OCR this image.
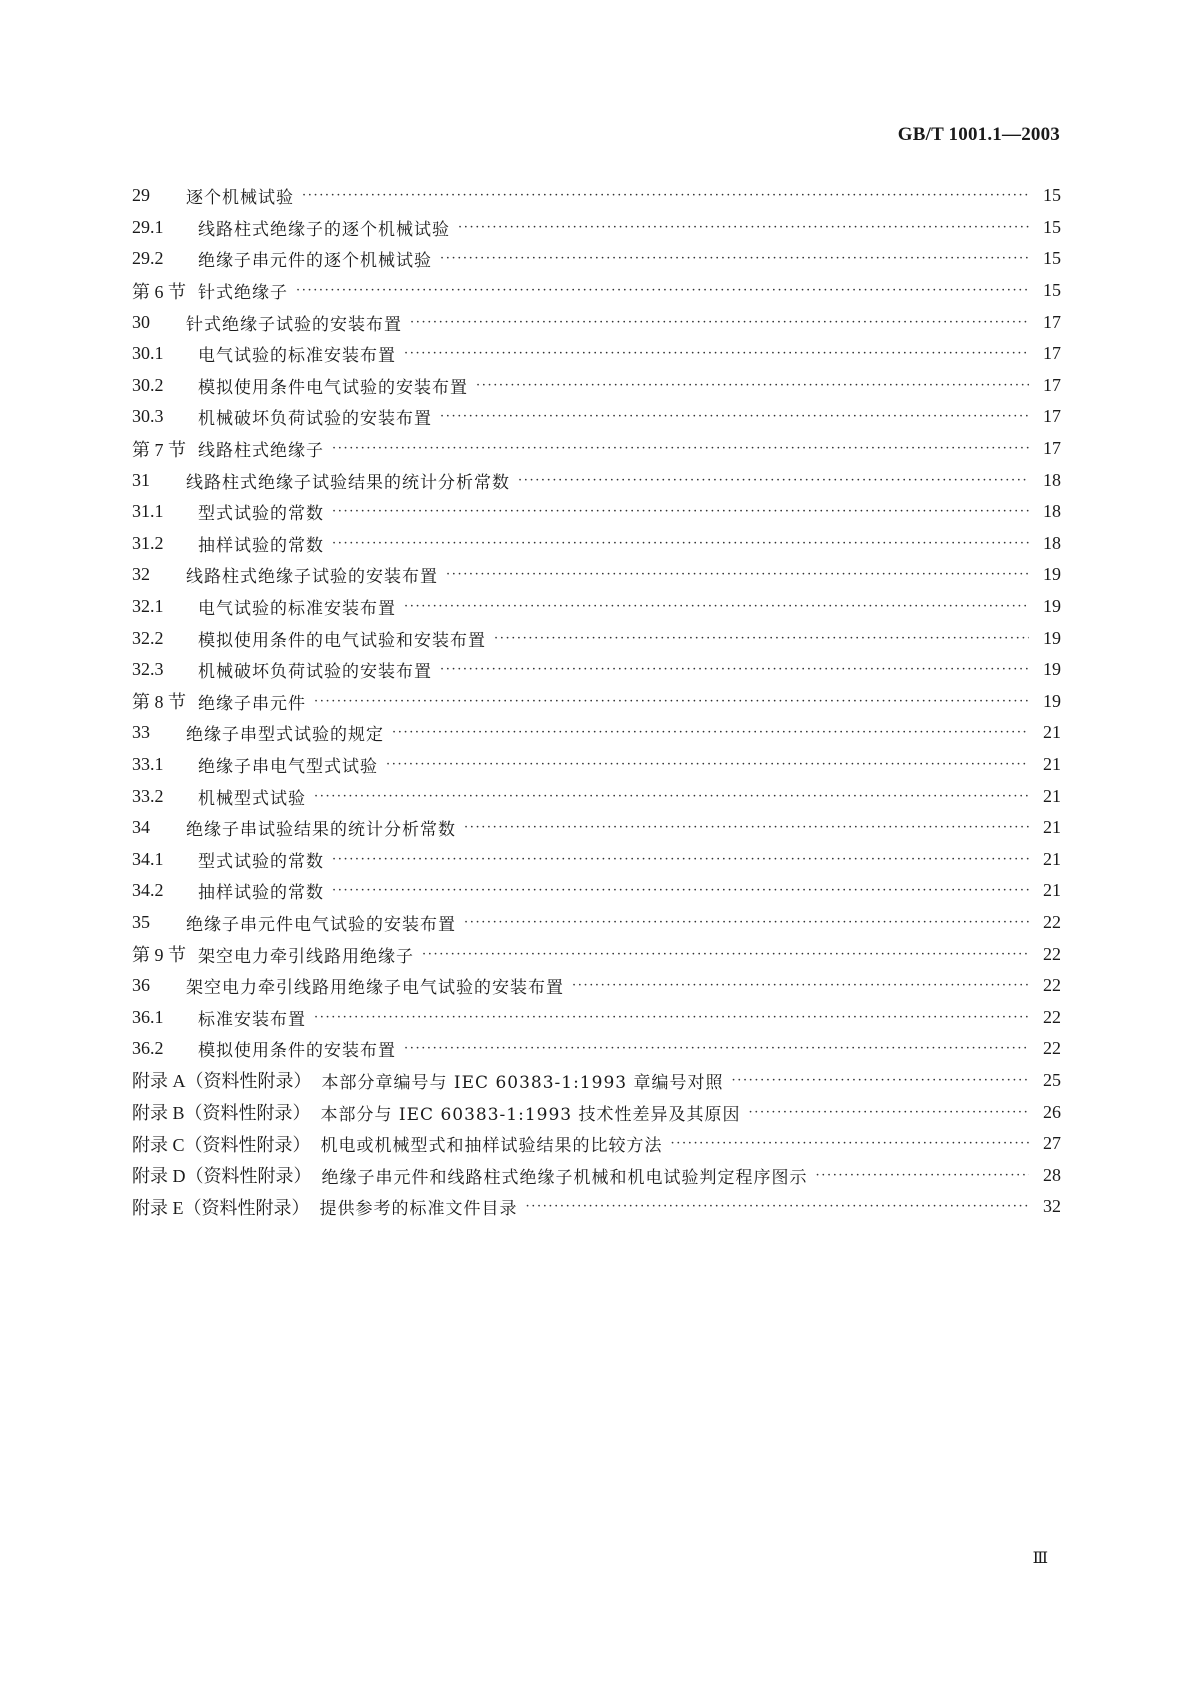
GB/T 1001.1—2003
29	逐个机械试验 ·····	15
29.1	线路柱式绝缘子的逐个机械试验 ·····	15
29.2	绝缘子串元件的逐个机械试验 ·····	15
第 6 节 针式绝缘子 ·····	15
30	针式绝缘子试验的安装布置 ·····	17
30.1	电气试验的标准安装布置 ·····	17
30.2	模拟使用条件电气试验的安装布置 ·····	17
30.3	机械破坏负荷试验的安装布置 ·····	17
第 7 节 线路柱式绝缘子 ·····	17
31	线路柱式绝缘子试验结果的统计分析常数 ·····	18
31.1	型式试验的常数 ·····	18
31.2	抽样试验的常数 ·····	18
32	线路柱式绝缘子试验的安装布置 ·····	19
32.1	电气试验的标准安装布置 ·····	19
32.2	模拟使用条件的电气试验和安装布置 ·····	19
32.3	机械破坏负荷试验的安装布置 ·····	19
第 8 节 绝缘子串元件 ·····	19
33	绝缘子串型式试验的规定 ·····	21
33.1	绝缘子串电气型式试验 ·····	21
33.2	机械型式试验 ·····	21
34	绝缘子串试验结果的统计分析常数 ·····	21
34.1	型式试验的常数 ·····	21
34.2	抽样试验的常数 ·····	21
35	绝缘子串元件电气试验的安装布置 ·····	22
第 9 节 架空电力牵引线路用绝缘子 ·····	22
36	架空电力牵引线路用绝缘子电气试验的安装布置 ·····	22
36.1	标准安装布置 ·····	22
36.2	模拟使用条件的安装布置 ·····	22
附录 A（资料性附录） 本部分章编号与 IEC 60383-1:1993 章编号对照 ·····	25
附录 B（资料性附录） 本部分与 IEC 60383-1:1993 技术性差异及其原因 ·····	26
附录 C（资料性附录） 机电或机械型式和抽样试验结果的比较方法 ·····	27
附录 D（资料性附录） 绝缘子串元件和线路柱式绝缘子机械和机电试验判定程序图示 ·····	28
附录 E（资料性附录） 提供参考的标准文件目录 ·····	32
Ⅲ
